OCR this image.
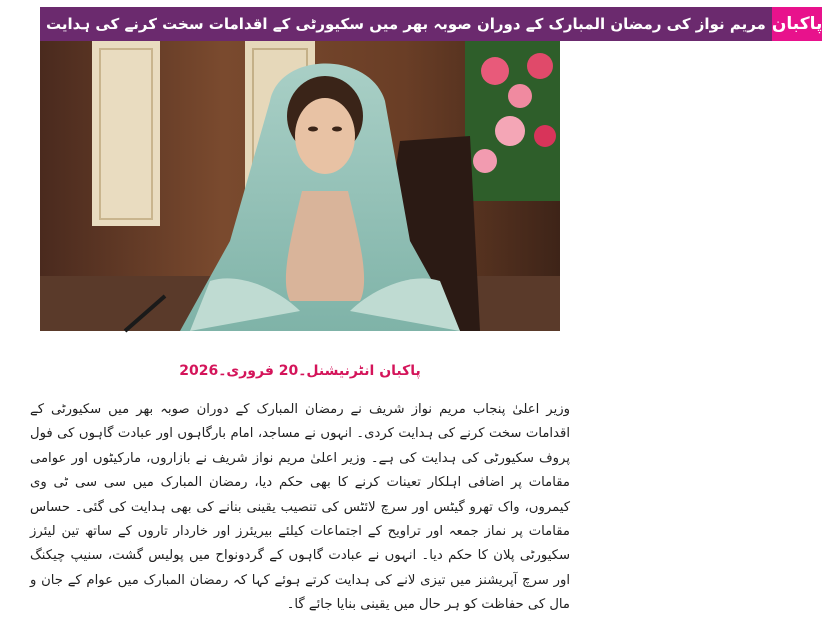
مریم نواز کی رمضان المبارک کے دوران صوبہ بھر میں سکیورٹی کے اقدامات سخت کرنے کی ہدایت پاکبان
پاکبان انٹرنیشنل۔20 فروری۔2026
وزیر اعلیٰ پنجاب مریم نواز شریف نے رمضان المبارک کے دوران صوبہ بھر میں سکیورٹی کے اقدامات سخت کرنے کی ہدایت کردی۔ انہوں نے مساجد، امام بارگاہوں اور عبادت گاہوں کی فول پروف سکیورٹی کی ہدایت کی ہے۔ وزیر اعلیٰ مریم نواز شریف نے بازاروں، مارکیٹوں اور عوامی مقامات پر اضافی اہلکار تعینات کرنے کا بھی حکم دیا، رمضان المبارک میں سی سی ٹی وی کیمروں، واک تھرو گیٹس اور سرچ لائٹس کی تنصیب یقینی بنانے کی بھی ہدایت کی گئی۔ حساس مقامات پر نماز جمعہ اور تراویح کے اجتماعات کیلئے بیریئرز اور خاردار تاروں کے ساتھ تین لیئرز سکیورٹی پلان کا حکم دیا۔ انہوں نے عبادت گاہوں کے گردونواح میں پولیس گشت، سنیپ چیکنگ اور سرچ آپریشنز میں تیزی لانے کی ہدایت کرتے ہوئے کہا کہ رمضان المبارک میں عوام کے جان و مال کی حفاظت کو ہر حال میں یقینی بنایا جائے گا۔
